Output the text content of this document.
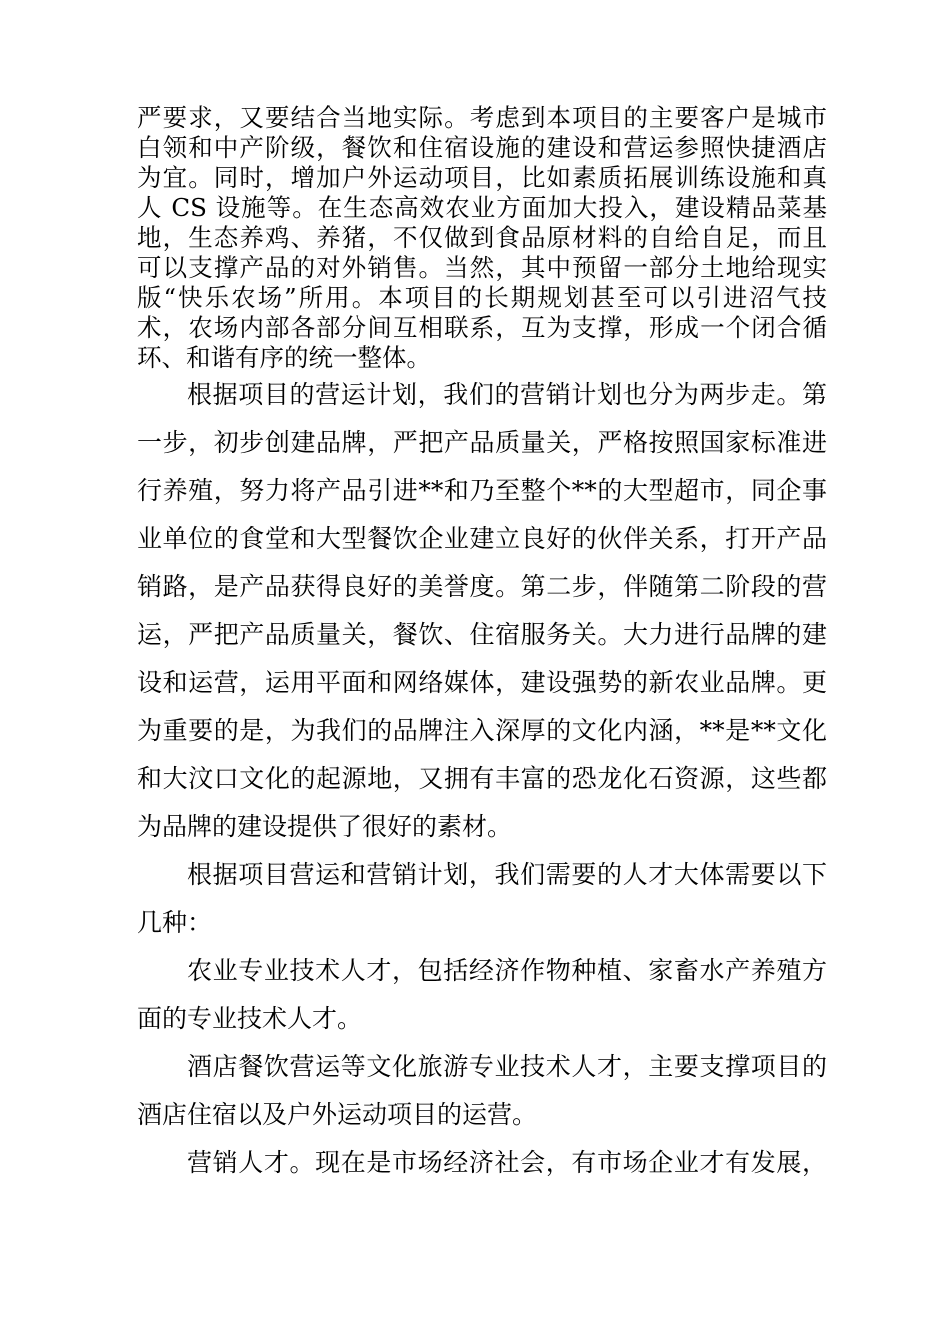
严要求，又要结合当地实际。考虑到本项目的主要客户是城市
白领和中产阶级，餐饮和住宿设施的建设和营运参照快捷酒店
为宜。同时，增加户外运动项目，比如素质拓展训练设施和真
人 CS 设施等。在生态高效农业方面加大投入，建设精品菜基
地，生态养鸡、养猪，不仅做到食品原材料的自给自足，而且
可以支撑产品的对外销售。当然，其中预留一部分土地给现实
版“快乐农场”所用。本项目的长期规划甚至可以引进沼气技
术，农场内部各部分间互相联系，互为支撑，形成一个闭合循
环、和谐有序的统一整体。
根据项目的营运计划，我们的营销计划也分为两步走。第
一步，初步创建品牌，严把产品质量关，严格按照国家标准进
行养殖，努力将产品引进**和乃至整个**的大型超市，同企事
业单位的食堂和大型餐饮企业建立良好的伙伴关系，打开产品
销路，是产品获得良好的美誉度。第二步，伴随第二阶段的营
运，严把产品质量关，餐饮、住宿服务关。大力进行品牌的建
设和运营，运用平面和网络媒体，建设强势的新农业品牌。更
为重要的是，为我们的品牌注入深厚的文化内涵，**是**文化
和大汶口文化的起源地，又拥有丰富的恐龙化石资源，这些都
为品牌的建设提供了很好的素材。
根据项目营运和营销计划，我们需要的人才大体需要以下
几种：
农业专业技术人才，包括经济作物种植、家畜水产养殖方
面的专业技术人才。
酒店餐饮营运等文化旅游专业技术人才，主要支撑项目的
酒店住宿以及户外运动项目的运营。
营销人才。现在是市场经济社会，有市场企业才有发展，
